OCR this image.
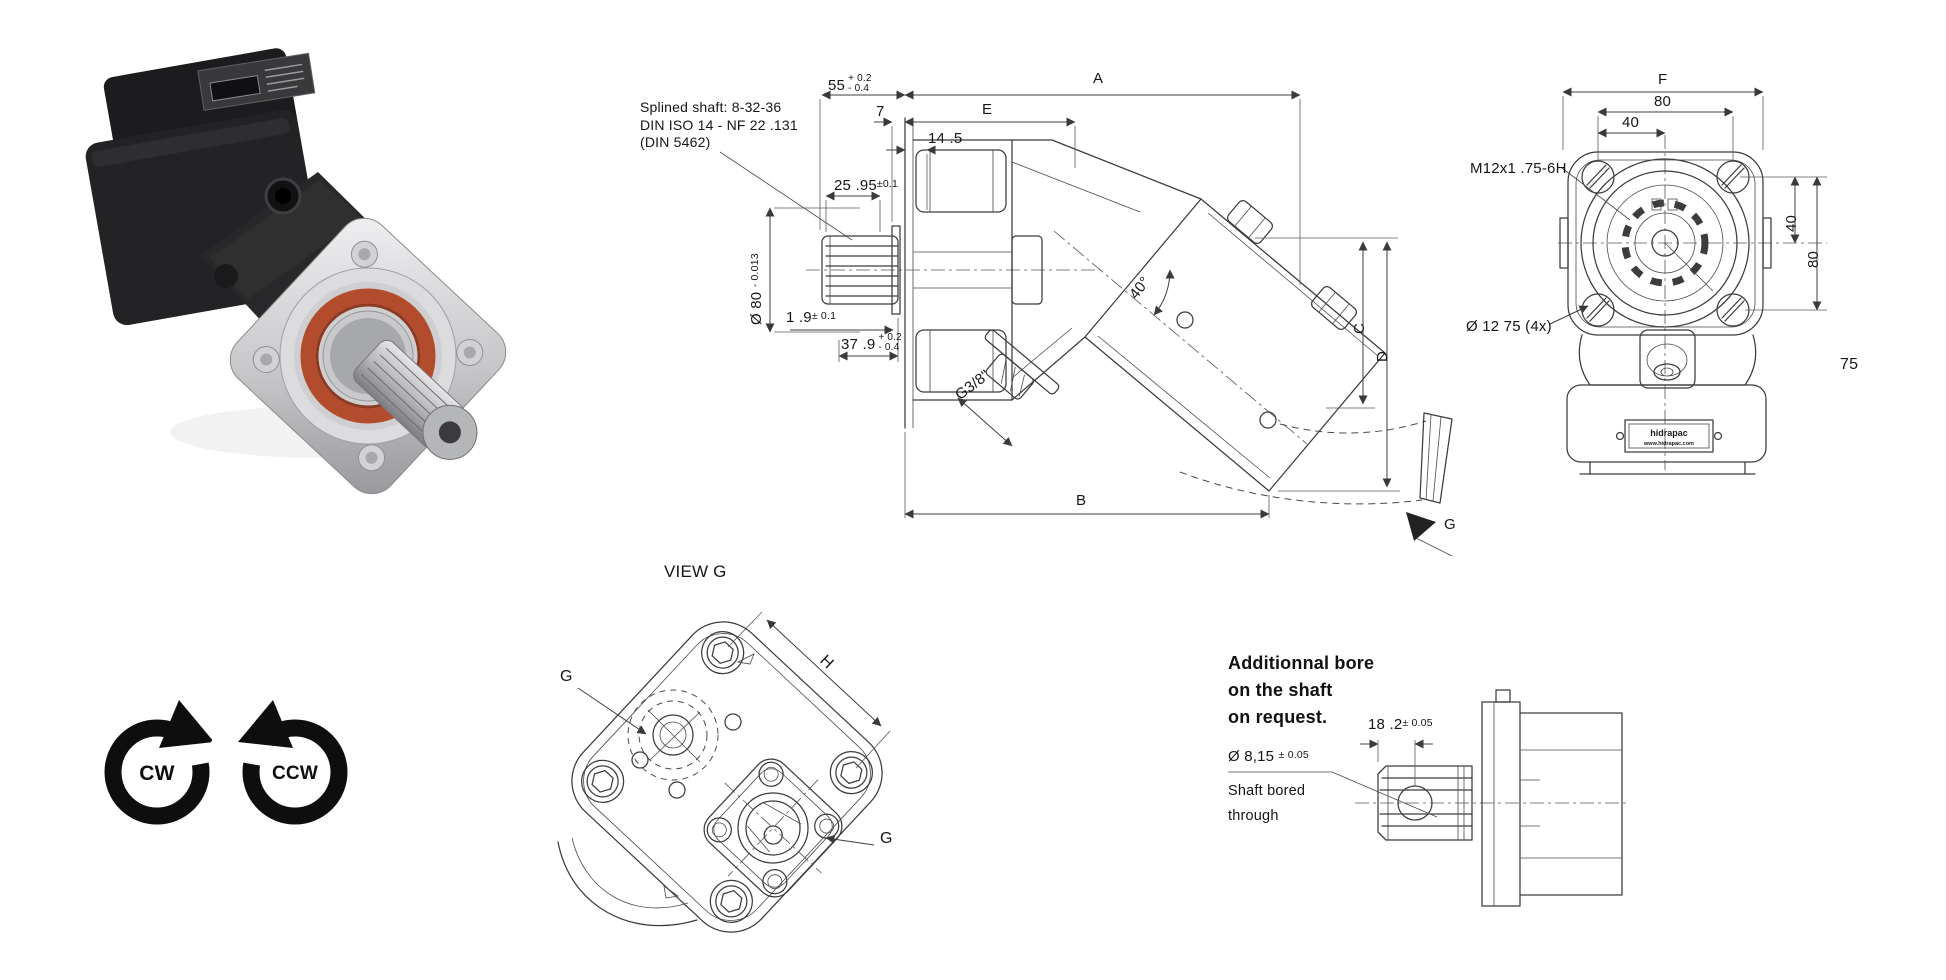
hidrapac
www.hidrapac.com
Splined shaft: 8-32-36
DIN ISO 14 - NF 22 .131
(DIN 5462)
55 + 0.2
- 0.4
7	E
A
14 .5
25 $.95^{\pm 0.1}$
Ø 80 $^{- 0.013}$
1 $.9^{\pm 0.1}$
37 .9 + 0.2
- 0.4
G3/8"
40°
C
D
B
G
F
80
40
M12x1 .75-6H
40
80
Ø 12 75 (4x)
75
VIEW G
G
H
G
Additionnal bore
on the shaft
on request.	18 $.2^{\pm 0.05}$
Ø 8,15 $^{\pm 0.05}$
Shaft bored
through
CW	CCW
